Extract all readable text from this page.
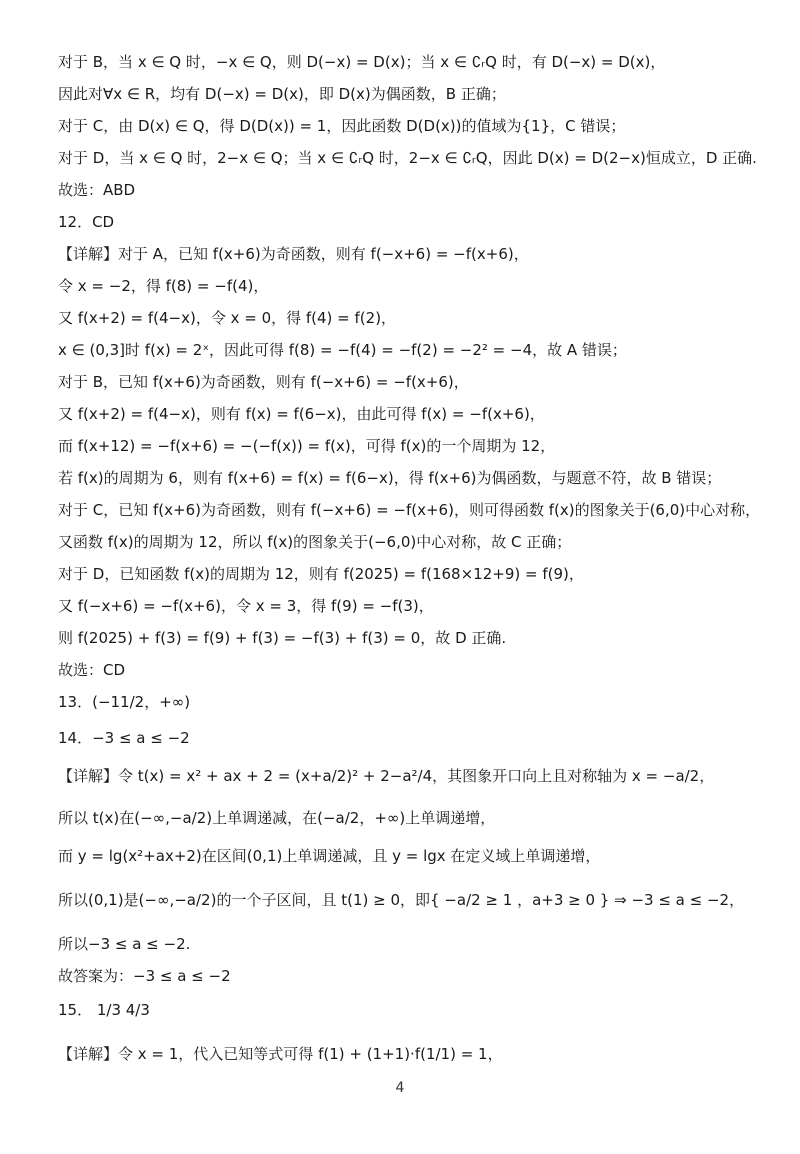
对于 B，当 x ∈ Q 时，−x ∈ Q，则 D(−x) = D(x)；当 x ∈ ∁ᵣQ 时，有 D(−x) = D(x)，
因此对∀x ∈ R，均有 D(−x) = D(x)，即 D(x)为偶函数，B 正确；
对于 C，由 D(x) ∈ Q，得 D(D(x)) = 1，因此函数 D(D(x))的值域为{1}，C 错误；
对于 D，当 x ∈ Q 时，2−x ∈ Q；当 x ∈ ∁ᵣQ 时，2−x ∈ ∁ᵣQ，因此 D(x) = D(2−x)恒成立，D 正确.
故选：ABD
12．CD
【详解】对于 A，已知 f(x+6)为奇函数，则有 f(−x+6) = −f(x+6)，
令 x = −2，得 f(8) = −f(4)，
又 f(x+2) = f(4−x)，令 x = 0，得 f(4) = f(2)，
x ∈ (0,3]时 f(x) = 2ˣ，因此可得 f(8) = −f(4) = −f(2) = −2² = −4，故 A 错误；
对于 B，已知 f(x+6)为奇函数，则有 f(−x+6) = −f(x+6)，
又 f(x+2) = f(4−x)，则有 f(x) = f(6−x)，由此可得 f(x) = −f(x+6)，
而 f(x+12) = −f(x+6) = −(−f(x)) = f(x)，可得 f(x)的一个周期为 12，
若 f(x)的周期为 6，则有 f(x+6) = f(x) = f(6−x)，得 f(x+6)为偶函数，与题意不符，故 B 错误；
对于 C，已知 f(x+6)为奇函数，则有 f(−x+6) = −f(x+6)，则可得函数 f(x)的图象关于(6,0)中心对称，
又函数 f(x)的周期为 12，所以 f(x)的图象关于(−6,0)中心对称，故 C 正确；
对于 D，已知函数 f(x)的周期为 12，则有 f(2025) = f(168×12+9) = f(9)，
又 f(−x+6) = −f(x+6)，令 x = 3，得 f(9) = −f(3)，
则 f(2025) + f(3) = f(9) + f(3) = −f(3) + f(3) = 0，故 D 正确.
故选：CD
13．(−11/2，+∞)
14．−3 ≤ a ≤ −2
【详解】令 t(x) = x² + ax + 2 = (x+a/2)² + 2−a²/4，其图象开口向上且对称轴为 x = −a/2，
所以 t(x)在(−∞,−a/2)上单调递减，在(−a/2，+∞)上单调递增，
而 y = lg(x²+ax+2)在区间(0,1)上单调递减，且 y = lgx 在定义域上单调递增，
所以(0,1)是(−∞,−a/2)的一个子区间，且 t(1) ≥ 0，即{ −a/2 ≥ 1 ，a+3 ≥ 0 } ⇒ −3 ≤ a ≤ −2，
所以−3 ≤ a ≤ −2.
故答案为：−3 ≤ a ≤ −2
15． 1/3 4/3
【详解】令 x = 1，代入已知等式可得 f(1) + (1+1)·f(1/1) = 1，
4
